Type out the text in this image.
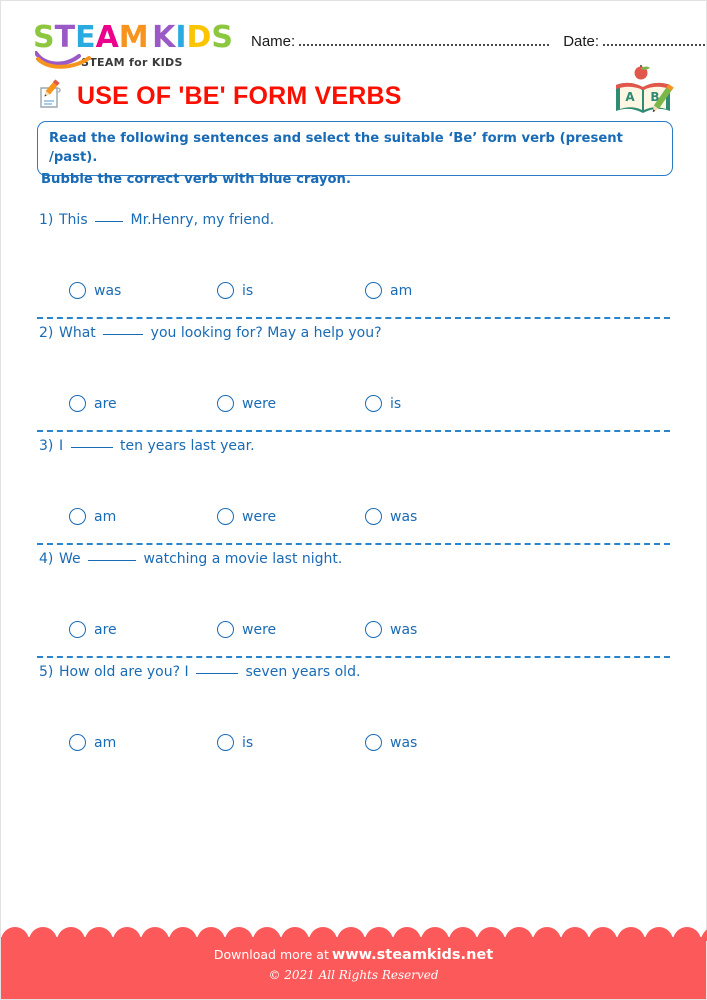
S T E A M K I D S
STEAM for KIDS
Name:	Date:
USE OF 'BE' FORM VERBS	A B
Read the following sentences and select the suitable ‘Be’ form verb (present /past).
Bubble the correct verb with blue crayon.
1) This  Mr.Henry, my friend.
was	is	am
2) What	you looking for? May a help you?
are	were	is
3) I	ten years last year.
am	were	was
4) We	watching a movie last night.
are	were	was
5) How old are you? I	seven years old.
am	is	was
Download more at www.steamkids.net
© 2021 All Rights Reserved
